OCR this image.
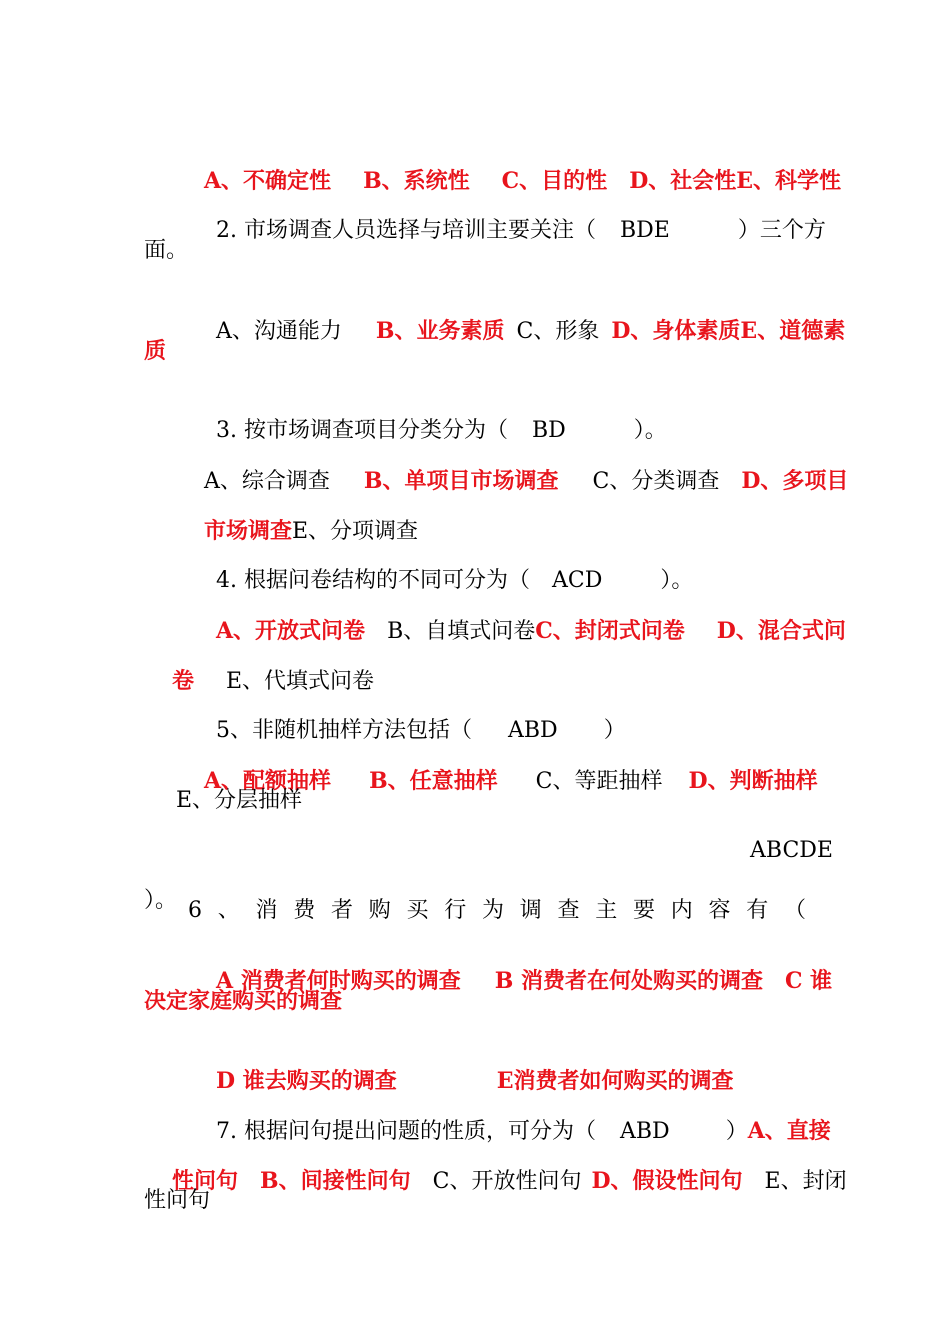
A、不确定性 B、系统性 C、目的性 D、社会性E、科学性

2. 市场调查人员选择与培训主要关注（ BDE	）三个方

面。

A、沟通能力 B、业务素质 C、形象 D、身体素质E、道德素

质

3. 按市场调查项目分类分为（ BD	）。

A、综合调查 B、单项目市场调查 C、分类调查 D、多项目

市场调查E、分项调查

4. 根据问卷结构的不同可分为（ ACD	）。

A、开放式问卷 B、自填式问卷C、封闭式问卷 D、混合式问

卷 E、代填式问卷

5、非随机抽样方法包括（ ABD ）

A、配额抽样 B、任意抽样 C、等距抽样 D、判断抽样

E、分层抽样

6 、 消 费 者 购 买 行 为 调 查 主 要 内 容 有 （

ABCDE
）。

A 消费者何时购买的调查 B 消费者在何处购买的调查 C 谁

决定家庭购买的调查

D 谁去购买的调查	E消费者如何购买的调查

7. 根据问句提出问题的性质，可分为（ ABD	）A、直接

性问句 B、间接性问句 C、开放性问句 D、假设性问句 E、封闭

性问句
